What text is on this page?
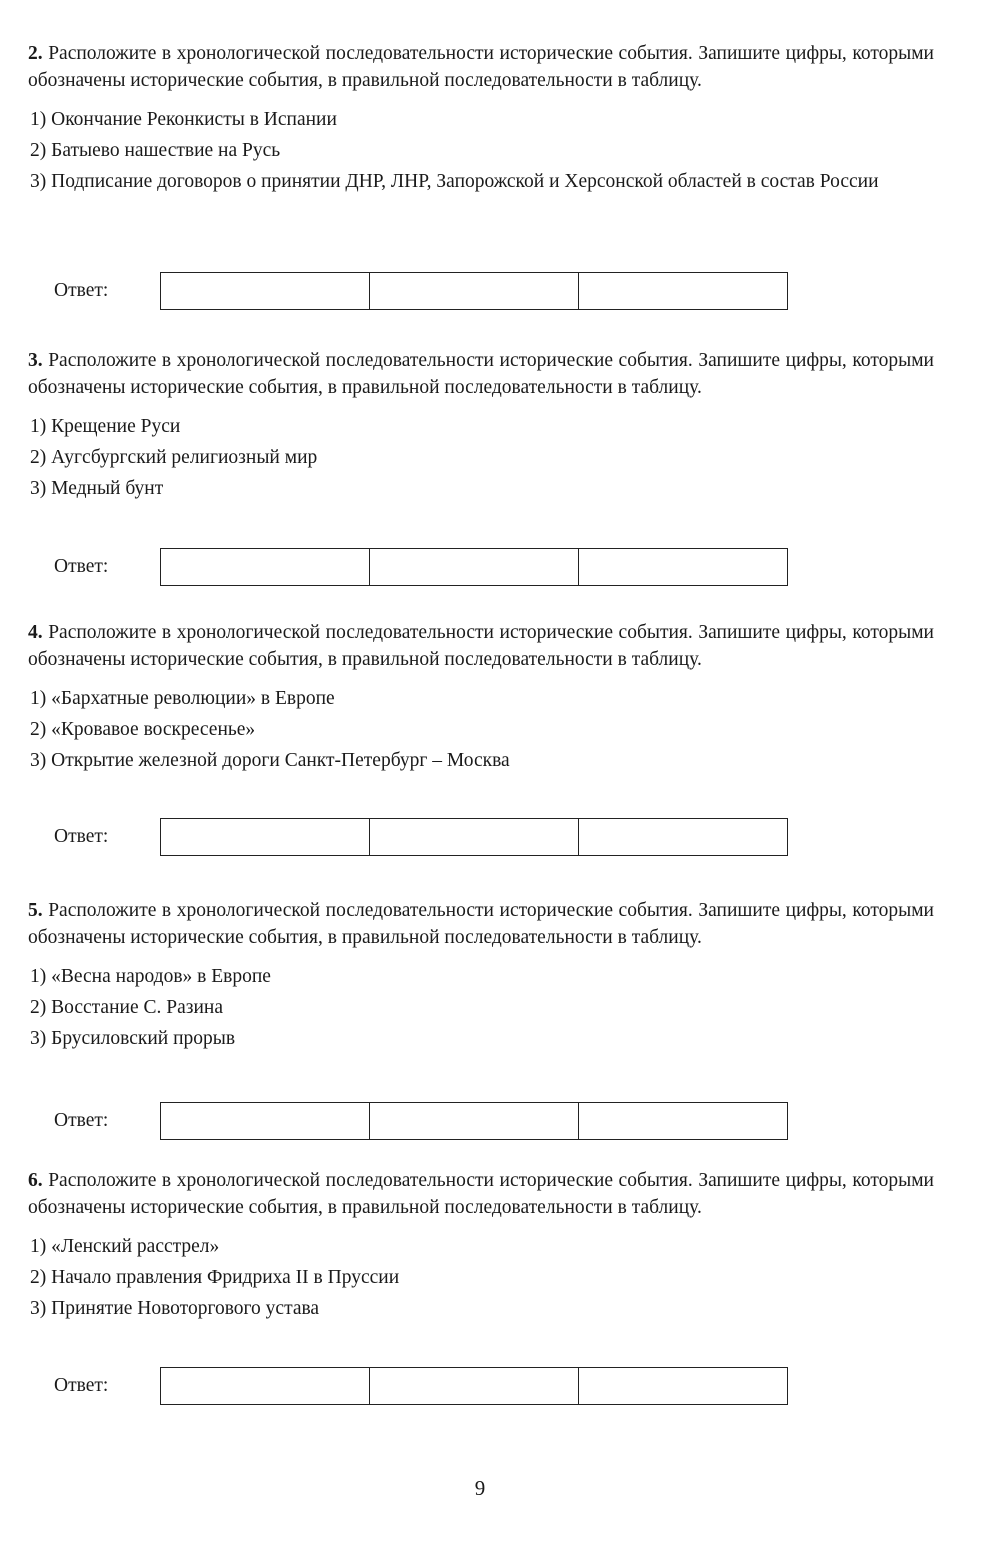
2. Расположите в хронологической последовательности исторические события. Запишите цифры, которыми обозначены исторические события, в правильной последовательности в таблицу.

1) Окончание Реконкисты в Испании
2) Батыево нашествие на Русь
3) Подписание договоров о принятии ДНР, ЛНР, Запорожской и Херсонской областей в состав России
Ответ:

3. Расположите в хронологической последовательности исторические события. Запишите цифры, которыми обозначены исторические события, в правильной последовательности в таблицу.

1) Крещение Руси
2) Аугсбургский религиозный мир
3) Медный бунт
Ответ:

4. Расположите в хронологической последовательности исторические события. Запишите цифры, которыми обозначены исторические события, в правильной последовательности в таблицу.

1) «Бархатные революции» в Европе
2) «Кровавое воскресенье»
3) Открытие железной дороги Санкт-Петербург – Москва
Ответ:

5. Расположите в хронологической последовательности исторические события. Запишите цифры, которыми обозначены исторические события, в правильной последовательности в таблицу.

1) «Весна народов» в Европе
2) Восстание С. Разина
3) Брусиловский прорыв
Ответ:

6. Расположите в хронологической последовательности исторические события. Запишите цифры, которыми обозначены исторические события, в правильной последовательности в таблицу.

1) «Ленский расстрел»
2) Начало правления Фридриха II в Пруссии
3) Принятие Новоторгового устава
Ответ:

9
